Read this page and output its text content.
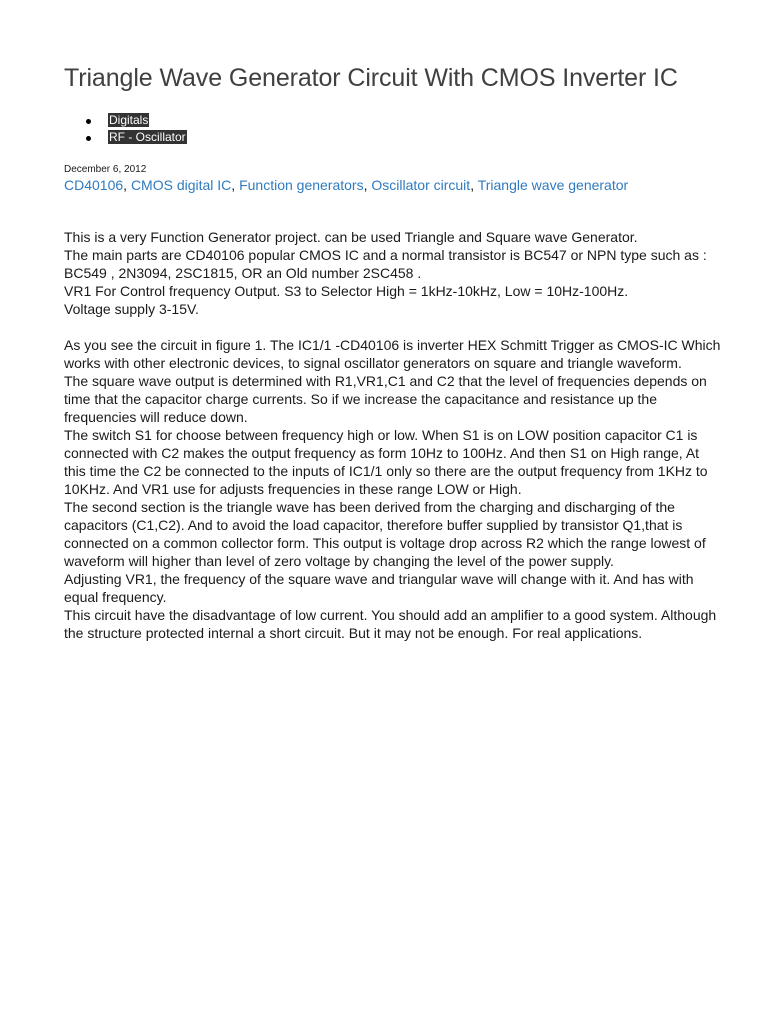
Triangle Wave Generator Circuit With CMOS Inverter IC
Digitals
RF - Oscillator

December 6, 2012

CD40106, CMOS digital IC, Function generators, Oscillator circuit, Triangle wave generator

This is a very Function Generator project. can be used Triangle and Square wave Generator.

The main parts are CD40106 popular CMOS IC and a normal transistor is BC547 or NPN type such as : BC549 , 2N3094, 2SC1815, OR an Old number 2SC458 .

VR1 For Control frequency Output. S3 to Selector High = 1kHz-10kHz, Low = 10Hz-100Hz.

Voltage supply 3-15V.

As you see the circuit in figure 1. The IC1/1 -CD40106 is inverter HEX Schmitt Trigger as CMOS-IC Which works with other electronic devices, to signal oscillator generators on square and triangle waveform.

The square wave output is determined with R1,VR1,C1 and C2 that the level of frequencies depends on time that the capacitor charge currents. So if we increase the capacitance and resistance up the frequencies will reduce down.

The switch S1 for choose between frequency high or low. When S1 is on LOW position capacitor C1 is connected with C2 makes the output frequency as form 10Hz to 100Hz. And then S1 on High range, At this time the C2 be connected to the inputs of IC1/1 only so there are the output frequency from 1KHz to 10KHz. And VR1 use for adjusts frequencies in these range LOW or High.

The second section is the triangle wave has been derived from the charging and discharging of the capacitors (C1,C2). And to avoid the load capacitor, therefore buffer supplied by transistor Q1,that is connected on a common collector form. This output is voltage drop across R2 which the range lowest of waveform will higher than level of zero voltage by changing the level of the power supply.

Adjusting VR1, the frequency of the square wave and triangular wave will change with it. And has with equal frequency.

This circuit have the disadvantage of low current. You should add an amplifier to a good system. Although the structure protected internal a short circuit. But it may not be enough. For real applications.
